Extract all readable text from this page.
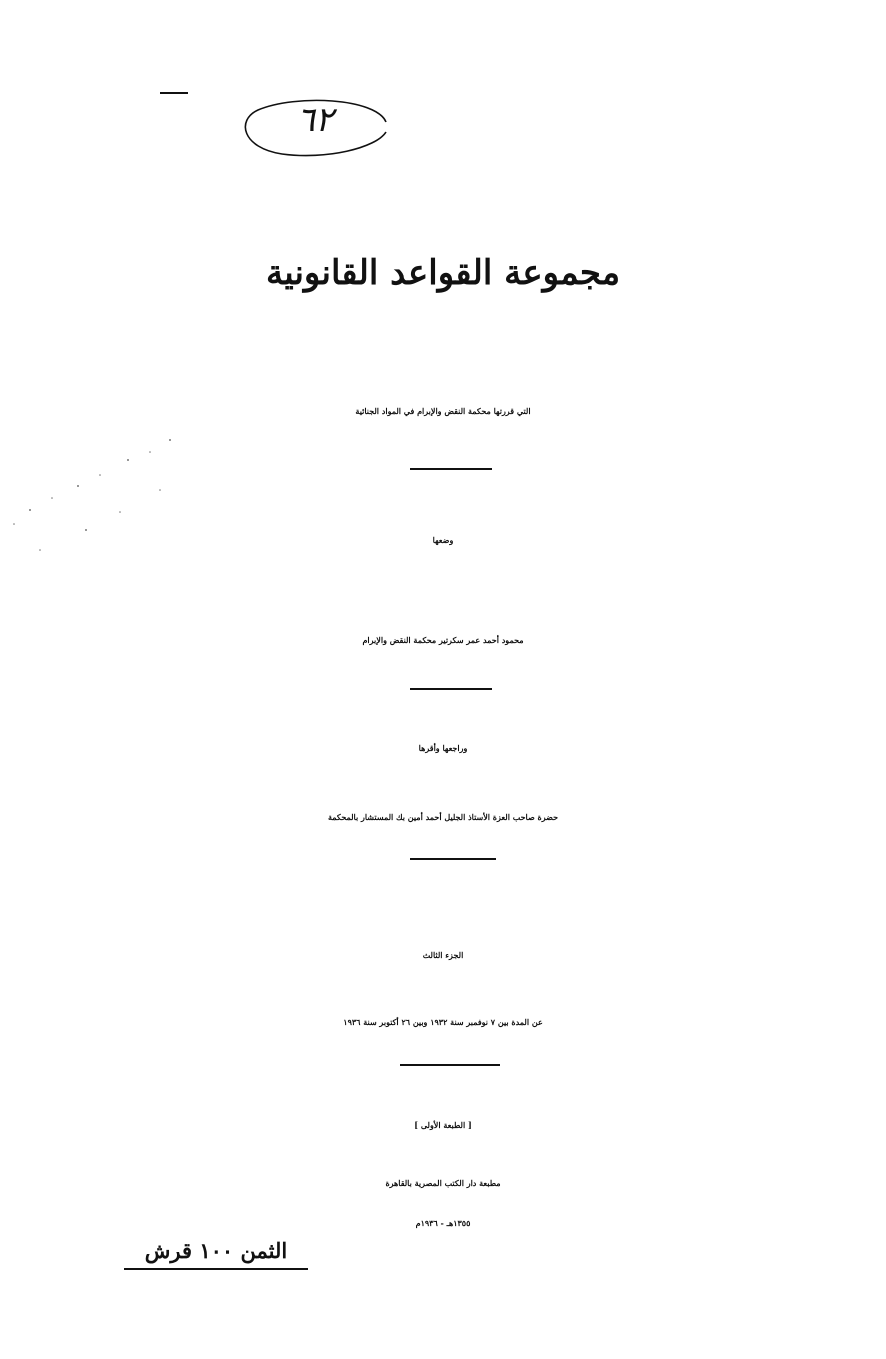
٦٢
مجموعة القواعد القانونية
التي قررتها محكمة النقض والإبرام في المواد الجنائية
وضعها
محمود أحمد عمر سكرتير محكمة النقض والإبرام
وراجعها وأقرها
حضرة صاحب العزة الأستاذ الجليل أحمد أمين بك المستشار بالمحكمة
الجزء الثالث
عن المدة بين ٧ نوفمبر سنة ١٩٣٢ وبين ٢٦ أكتوبر سنة ١٩٣٦
[ الطبعة الأولى ]
مطبعة دار الكتب المصرية بالقاهرة
١٣٥٥هـ - ١٩٣٦م
الثمن ١٠٠ قرش
